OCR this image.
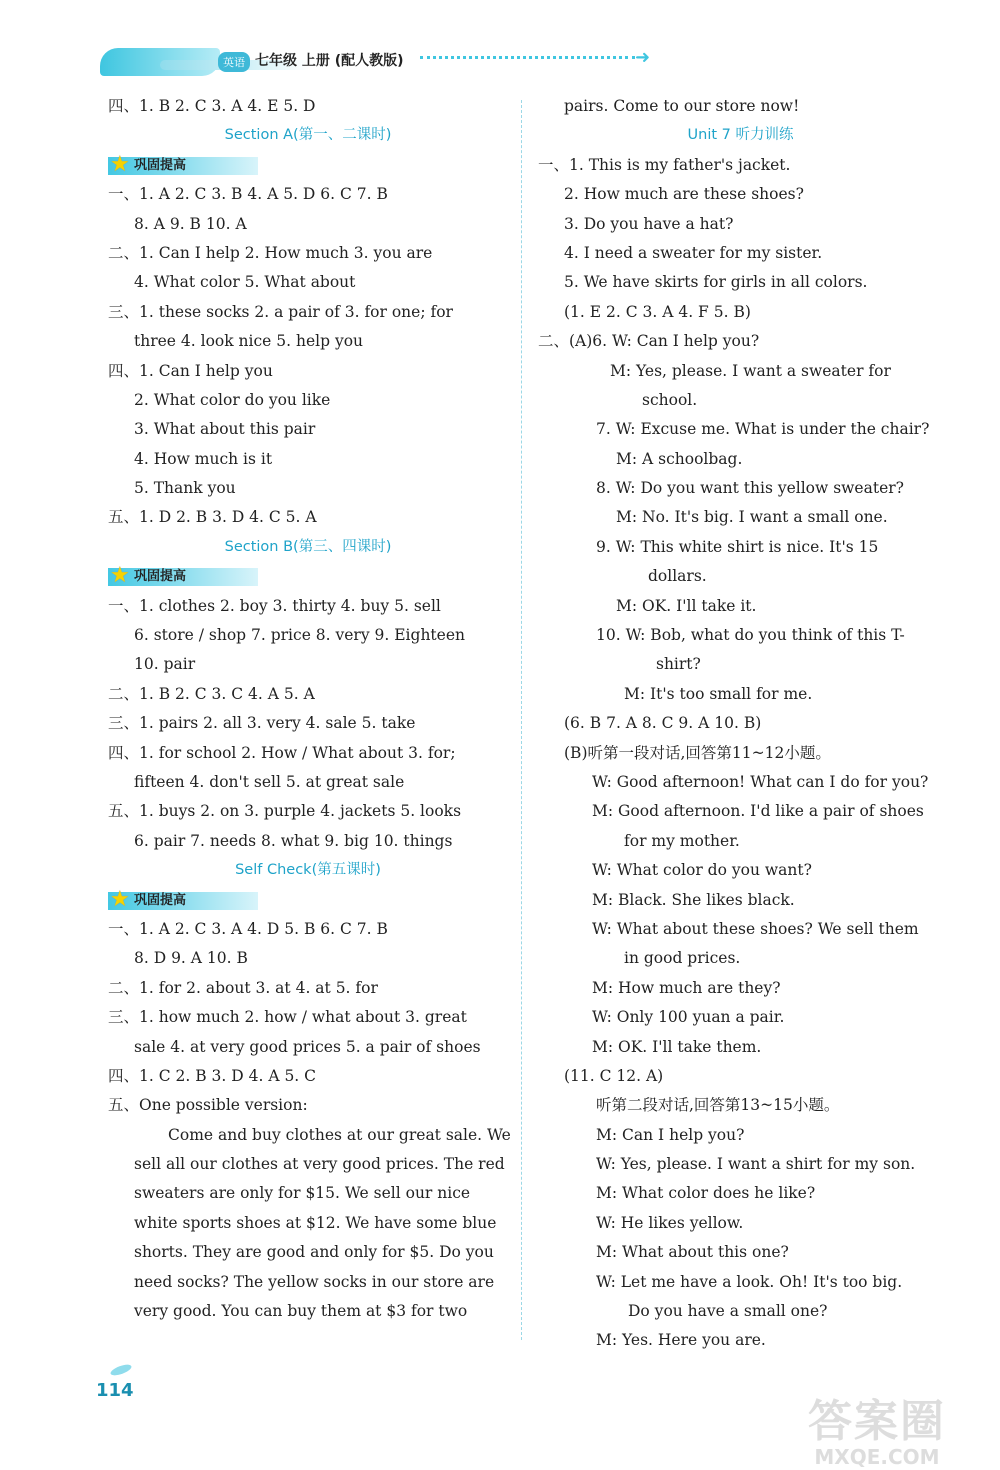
英语 七年级 上册 (配人教版)	➜
四、1. B 2. C 3. A 4. E 5. D
Section A(第一、二课时)
★ 巩固提高
一、1. A 2. C 3. B 4. A 5. D 6. C 7. B
8. A 9. B 10. A
二、1. Can I help 2. How much 3. you are
4. What color 5. What about
三、1. these socks 2. a pair of 3. for one; for
three 4. look nice 5. help you
四、1. Can I help you
2. What color do you like
3. What about this pair
4. How much is it
5. Thank you
五、1. D 2. B 3. D 4. C 5. A
Section B(第三、四课时)
★ 巩固提高
一、1. clothes 2. boy 3. thirty 4. buy 5. sell
6. store / shop 7. price 8. very 9. Eighteen
10. pair
二、1. B 2. C 3. C 4. A 5. A
三、1. pairs 2. all 3. very 4. sale 5. take
四、1. for school 2. How / What about 3. for;
fifteen 4. don't sell 5. at great sale
五、1. buys 2. on 3. purple 4. jackets 5. looks
6. pair 7. needs 8. what 9. big 10. things
Self Check(第五课时)
★ 巩固提高
一、1. A 2. C 3. A 4. D 5. B 6. C 7. B
8. D 9. A 10. B
二、1. for 2. about 3. at 4. at 5. for
三、1. how much 2. how / what about 3. great
sale 4. at very good prices 5. a pair of shoes
四、1. C 2. B 3. D 4. A 5. C
五、One possible version:
Come and buy clothes at our great sale. We
sell all our clothes at very good prices. The red
sweaters are only for $15. We sell our nice
white sports shoes at $12. We have some blue
shorts. They are good and only for $5. Do you
need socks? The yellow socks in our store are
very good. You can buy them at $3 for two
pairs. Come to our store now!
Unit 7 听力训练
一、1. This is my father's jacket.
2. How much are these shoes?
3. Do you have a hat?
4. I need a sweater for my sister.
5. We have skirts for girls in all colors.
(1. E 2. C 3. A 4. F 5. B)
二、(A)6. W: Can I help you?
M: Yes, please. I want a sweater for
school.
7. W: Excuse me. What is under the chair?
M: A schoolbag.
8. W: Do you want this yellow sweater?
M: No. It's big. I want a small one.
9. W: This white shirt is nice. It's 15
dollars.
M: OK. I'll take it.
10. W: Bob, what do you think of this T-
shirt?
M: It's too small for me.
(6. B 7. A 8. C 9. A 10. B)
(B)听第一段对话,回答第11~12小题。
W: Good afternoon! What can I do for you?
M: Good afternoon. I'd like a pair of shoes
for my mother.
W: What color do you want?
M: Black. She likes black.
W: What about these shoes? We sell them
in good prices.
M: How much are they?
W: Only 100 yuan a pair.
M: OK. I'll take them.
(11. C 12. A)
听第二段对话,回答第13~15小题。
M: Can I help you?
W: Yes, please. I want a shirt for my son.
M: What color does he like?
W: He likes yellow.
M: What about this one?
W: Let me have a look. Oh! It's too big.
Do you have a small one?
M: Yes. Here you are.
114
答案圈
MXQE.COM
